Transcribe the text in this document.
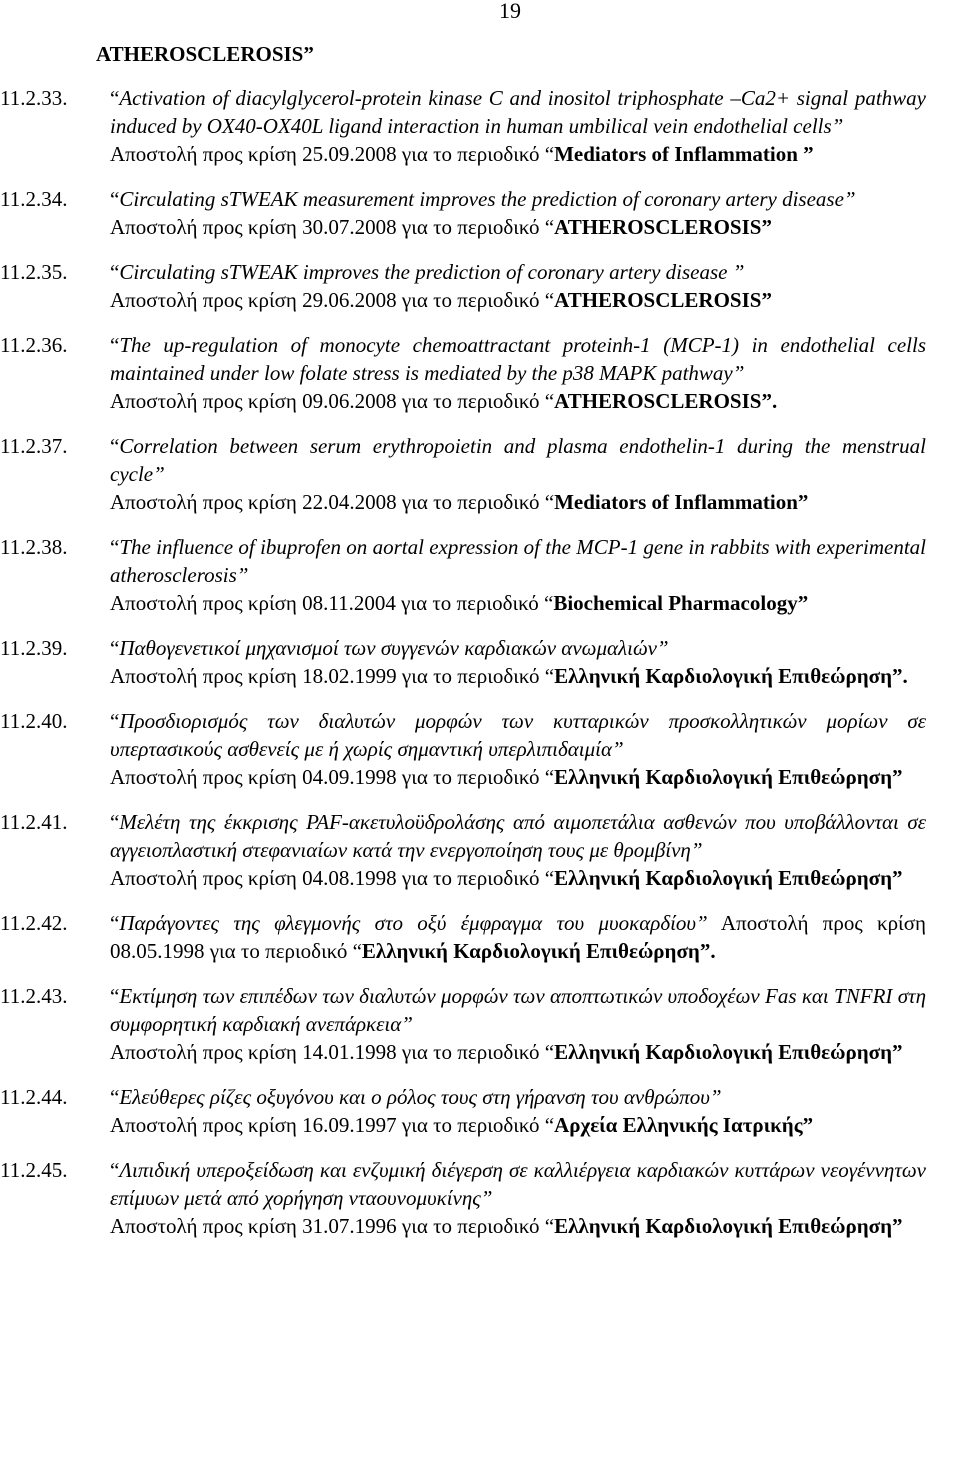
19
ATHEROSCLEROSIS”
11.2.33. “Activation of diacylglycerol-protein kinase C and inositol triphosphate –Ca2+ signal pathway induced by OX40-OX40L ligand interaction in human umbilical vein endothelial cells”
Αποστολή προς κρίση 25.09.2008 για το περιοδικό “Mediators of Inflammation ”
11.2.34. “Circulating sTWEAK measurement improves the prediction of coronary artery disease”
Αποστολή προς κρίση 30.07.2008 για το περιοδικό “ATHEROSCLEROSIS”
11.2.35. “Circulating sTWEAK improves the prediction of coronary artery disease ”
Αποστολή προς κρίση 29.06.2008 για το περιοδικό “ATHEROSCLEROSIS”
11.2.36. “The up-regulation of monocyte chemoattractant proteinh-1 (MCP-1) in endothelial cells maintained under low folate stress is mediated by the p38 MAPK pathway”
Αποστολή προς κρίση 09.06.2008 για το περιοδικό “ATHEROSCLEROSIS”.
11.2.37. “Correlation between serum erythropoietin and plasma endothelin-1 during the menstrual cycle”
Αποστολή προς κρίση 22.04.2008 για το περιοδικό “Mediators of Inflammation”
11.2.38. “The influence of ibuprofen on aortal expression of the MCP-1 gene in rabbits with experimental atherosclerosis”
Αποστολή προς κρίση 08.11.2004 για το περιοδικό “Biochemical Pharmacology”
11.2.39. “Παθογενετικοί μηχανισμοί των συγγενών καρδιακών ανωμαλιών”
Αποστολή προς κρίση 18.02.1999 για το περιοδικό “Ελληνική Καρδιολογική Επιθεώρηση”.
11.2.40. “Προσδιορισμός των διαλυτών μορφών των κυτταρικών προσκολλητικών μορίων σε υπερτασικούς ασθενείς με ή χωρίς σημαντική υπερλιπιδαιμία”
Αποστολή προς κρίση 04.09.1998 για το περιοδικό “Ελληνική Καρδιολογική Επιθεώρηση”
11.2.41. “Μελέτη της έκκρισης PAF-ακετυλοϋδρολάσης από αιμοπετάλια ασθενών που υποβάλλονται σε αγγειοπλαστική στεφανιαίων κατά την ενεργοποίηση τους με θρομβίνη”
Αποστολή προς κρίση 04.08.1998 για το περιοδικό “Ελληνική Καρδιολογική Επιθεώρηση”
11.2.42. “Παράγοντες της φλεγμονής στο οξύ έμφραγμα του μυοκαρδίου” Αποστολή προς κρίση 08.05.1998 για το περιοδικό “Ελληνική Καρδιολογική Επιθεώρηση”.
11.2.43. “Εκτίμηση των επιπέδων των διαλυτών μορφών των αποπτωτικών υποδοχέων Fas και TNFRI στη συμφορητική καρδιακή ανεπάρκεια”
Αποστολή προς κρίση 14.01.1998 για το περιοδικό “Ελληνική Καρδιολογική Επιθεώρηση”
11.2.44. “Ελεύθερες ρίζες οξυγόνου και ο ρόλος τους στη γήρανση του ανθρώπου”
Αποστολή προς κρίση 16.09.1997 για το περιοδικό “Αρχεία Ελληνικής Ιατρικής”
11.2.45. “Λιπιδική υπεροξείδωση και ενζυμική διέγερση σε καλλιέργεια καρδιακών κυττάρων νεογέννητων επίμυων μετά από χορήγηση νταουνομυκίνης”
Αποστολή προς κρίση 31.07.1996 για το περιοδικό “Ελληνική Καρδιολογική Επιθεώρηση”
